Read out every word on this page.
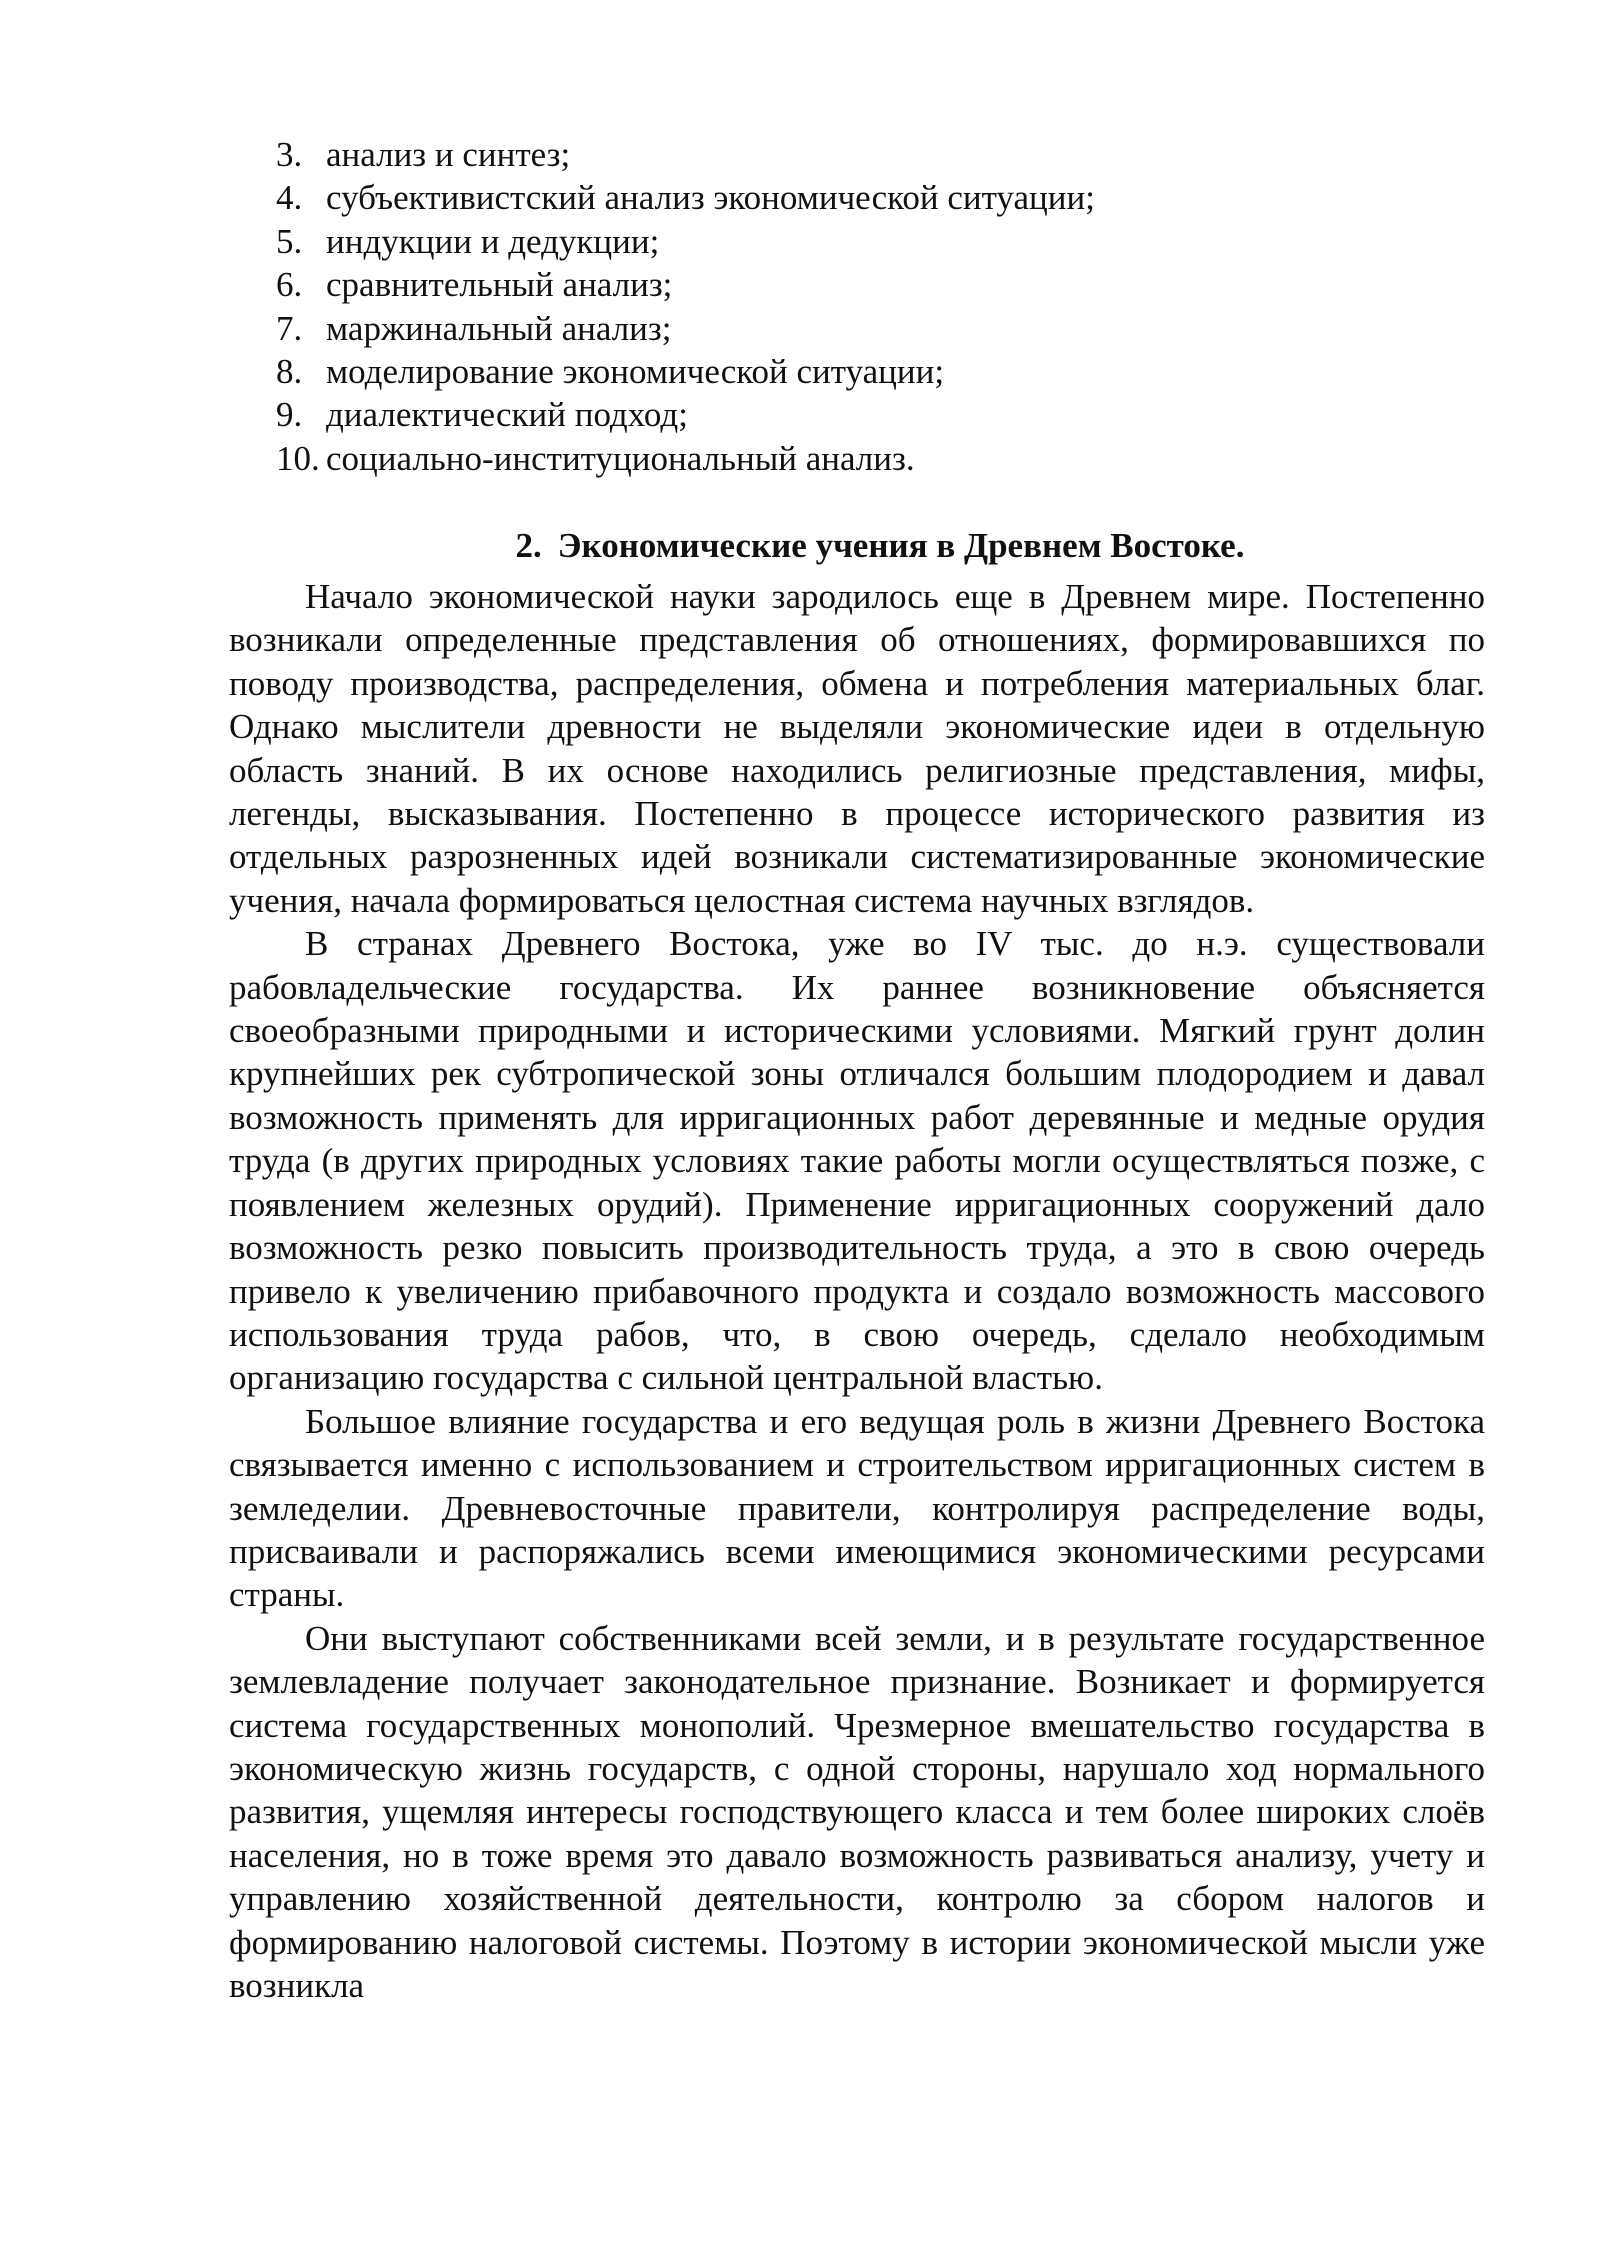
3. анализ и синтез;
4. субъективистский анализ экономической ситуации;
5. индукции и дедукции;
6. сравнительный анализ;
7. маржинальный анализ;
8. моделирование экономической ситуации;
9. диалектический подход;
10. социально-институциональный анализ.
2. Экономические учения в Древнем Востоке.

Начало экономической науки зародилось еще в Древнем мире. Постепенно возникали определенные представления об отношениях, формировавшихся по поводу производства, распределения, обмена и потребления материальных благ. Однако мыслители древности не выделяли экономические идеи в отдельную область знаний. В их основе находились религиозные представления, мифы, легенды, высказывания. Постепенно в процессе исторического развития из отдельных разрозненных идей возникали систематизированные экономические учения, начала формироваться целостная система научных взглядов.

В странах Древнего Востока, уже во IV тыс. до н.э. существовали рабовладельческие государства. Их раннее возникновение объясняется своеобразными природными и историческими условиями. Мягкий грунт долин крупнейших рек субтропической зоны отличался большим плодородием и давал возможность применять для ирригационных работ деревянные и медные орудия труда (в других природных условиях такие работы могли осуществляться позже, с появлением железных орудий). Применение ирригационных сооружений дало возможность резко повысить производительность труда, а это в свою очередь привело к увеличению прибавочного продукта и создало возможность массового использования труда рабов, что, в свою очередь, сделало необходимым организацию государства с сильной центральной властью.

Большое влияние государства и его ведущая роль в жизни Древнего Востока связывается именно с использованием и строительством ирригационных систем в земледелии. Древневосточные правители, контролируя распределение воды, присваивали и распоряжались всеми имеющимися экономическими ресурсами страны.

Они выступают собственниками всей земли, и в результате государственное землевладение получает законодательное признание. Возникает и формируется система государственных монополий. Чрезмерное вмешательство государства в экономическую жизнь государств, с одной стороны, нарушало ход нормального развития, ущемляя интересы господствующего класса и тем более широких слоёв населения, но в тоже время это давало возможность развиваться анализу, учету и управлению хозяйственной деятельности, контролю за сбором налогов и формированию налоговой системы. Поэтому в истории экономической мысли уже возникла
